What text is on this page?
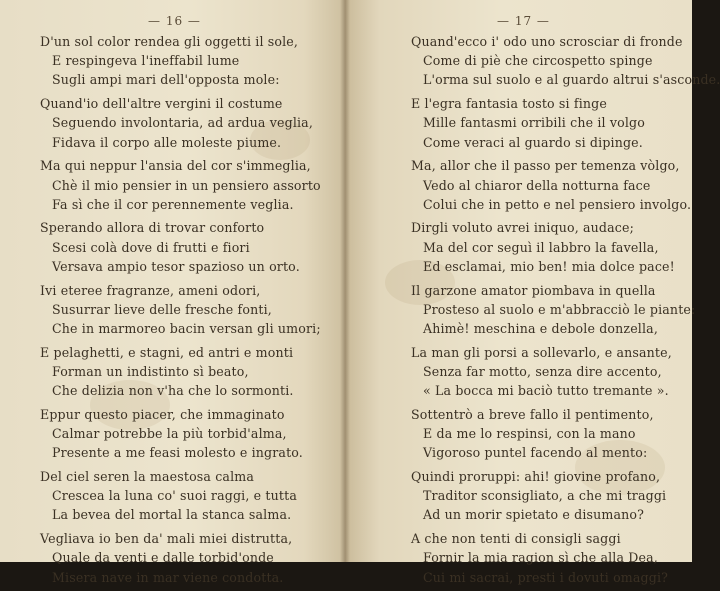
— 16 —

D'un sol color rendea gli oggetti il sole,
E respingeva l'ineffabil lume
Sugli ampi mari dell'opposta mole:
Quand'io dell'altre vergini il costume
Seguendo involontaria, ad ardua veglia,
Fidava il corpo alle moleste piume.
Ma qui neppur l'ansia del cor s'immeglia,
Chè il mio pensier in un pensiero assorto
Fa sì che il cor perennemente veglia.
Sperando allora di trovar conforto
Scesi colà dove di frutti e fiori
Versava ampio tesor spazioso un orto.
Ivi eteree fragranze, ameni odori,
Susurrar lieve delle fresche fonti,
Che in marmoreo bacin versan gli umori;
E pelaghetti, e stagni, ed antri e monti
Forman un indistinto sì beato,
Che delizia non v'ha che lo sormonti.
Eppur questo piacer, che immaginato
Calmar potrebbe la più torbid'alma,
Presente a me feasi molesto e ingrato.
Del ciel seren la maestosa calma
Crescea la luna co' suoi raggi, e tutta
La bevea del mortal la stanca salma.
Vegliava io ben da' mali miei distrutta,
Quale da venti e dalle torbid'onde
Misera nave in mar viene condotta.

— 17 —

Quand'ecco i' odo uno scrosciar di fronde
Come di piè che circospetto spinge
L'orma sul suolo e al guardo altrui s'asconde.
E l'egra fantasia tosto si finge
Mille fantasmi orribili che il volgo
Come veraci al guardo si dipinge.
Ma, allor che il passo per temenza vòlgo,
Vedo al chiaror della notturna face
Colui che in petto e nel pensiero involgo.
Dirgli voluto avrei iniquo, audace;
Ma del cor seguì il labbro la favella,
Ed esclamai, mio ben! mia dolce pace!
Il garzone amator piombava in quella
Prosteso al suolo e m'abbracciò le piante:
Ahimè! meschina e debole donzella,
La man gli porsi a sollevarlo, e ansante,
Senza far motto, senza dire accento,
« La bocca mi baciò tutto tremante ».
Sottentrò a breve fallo il pentimento,
E da me lo respinsi, con la mano
Vigoroso puntel facendo al mento:
Quindi proruppi: ahi! giovine profano,
Traditor sconsigliato, a che mi traggi
Ad un morir spietato e disumano?
A che non tenti di consigli saggi
Fornir la mia ragion sì che alla Dea,
Cui mi sacrai, presti i dovuti omaggi?
